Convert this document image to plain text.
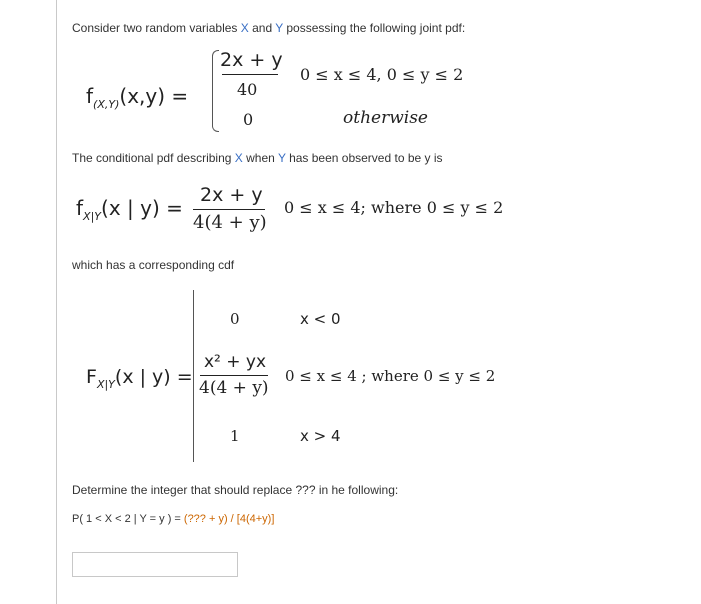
Consider two random variables X and Y possessing the following joint pdf:
$f_{(X,Y)}(x,y)$ =
2x + y
40
0 ≤ x ≤ 4, 0 ≤ y ≤ 2
0	otherwise
The conditional pdf describing X when Y has been observed to be y is
$f_{X|Y}(x$ | y) =
2x + y
4(4 + y)
0 ≤ x ≤ 4; where 0 ≤ y ≤ 2
which has a corresponding cdf
0	x < 0
$F_{X|Y}(x$ | y) =
x² + yx
4(4 + y)
0 ≤ x ≤ 4 ; where 0 ≤ y ≤ 2
1	x > 4
Determine the integer that should replace ??? in he following:
P( 1 < X < 2 | Y = y ) = (??? + y) / [4(4+y)]
